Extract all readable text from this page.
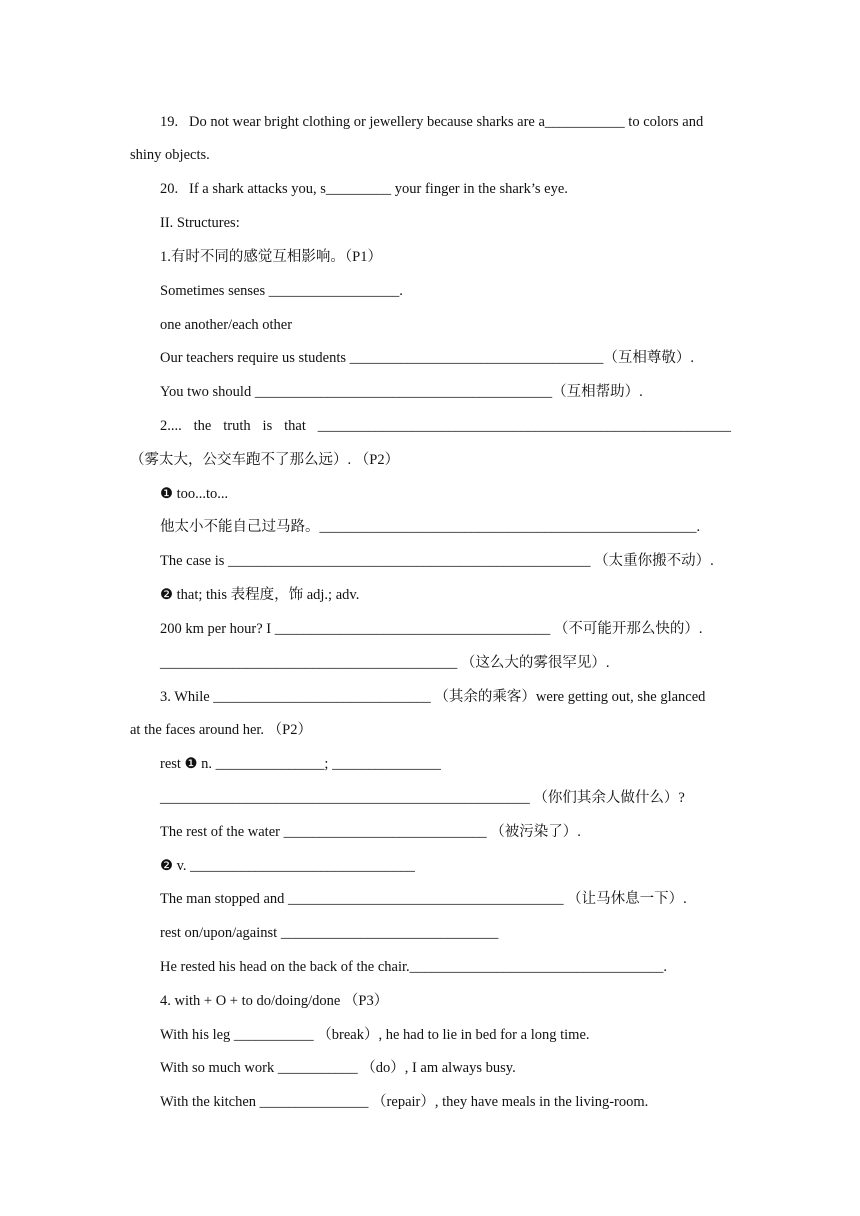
19.   Do not wear bright clothing or jewellery because sharks are a___________ to colors and
shiny objects.
20.   If a shark attacks you, s_________ your finger in the shark’s eye.
II. Structures:
1.有时不同的感觉互相影响。（P1）
Sometimes senses __________________.
one another/each other
Our teachers require us students ___________________________________（互相尊敬）.
You two should _________________________________________（互相帮助）.
2.... the truth is that _________________________________________________________
（雾太大，公交车跑不了那么远）. （P2）
❶ too...to...
他太小不能自己过马路。____________________________________________________.
The case is __________________________________________________ （太重你搬不动）.
❷ that; this 表程度，饰 adj.; adv.
200 km per hour? I ______________________________________ （不可能开那么快的）.
_________________________________________ （这么大的雾很罕见）.
3. While ______________________________ （其余的乘客）were getting out, she glanced
at the faces around her. （P2）
rest ❶ n. _______________; _______________
___________________________________________________ （你们其余人做什么）?
The rest of the water ____________________________ （被污染了）.
❷ v. _______________________________
The man stopped and ______________________________________ （让马休息一下）.
rest on/upon/against ______________________________
He rested his head on the back of the chair.___________________________________.
4. with + O + to do/doing/done （P3）
With his leg ___________ （break）, he had to lie in bed for a long time.
With so much work ___________ （do）, I am always busy.
With the kitchen _______________ （repair）, they have meals in the living-room.
